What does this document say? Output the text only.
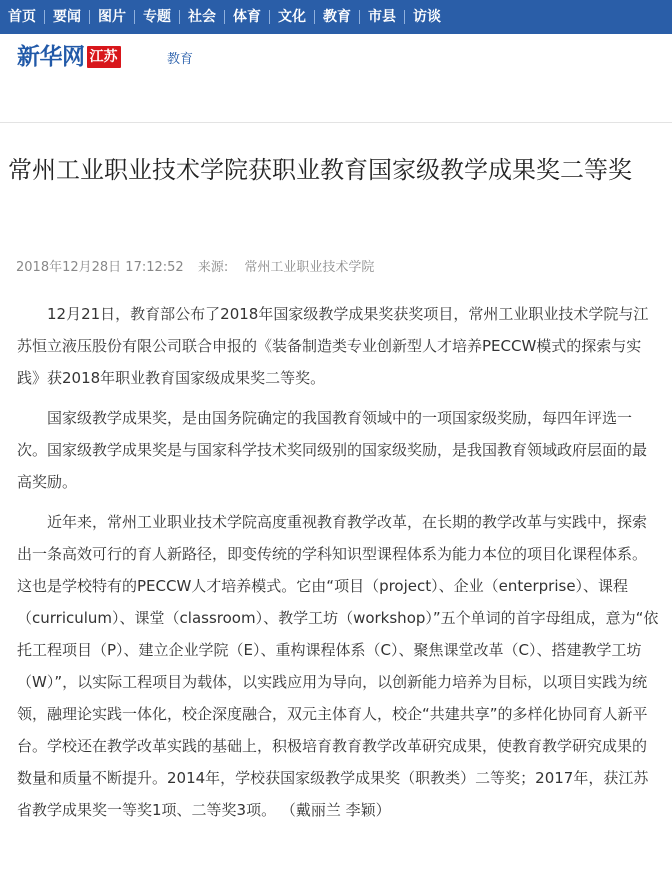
首页	要闻	图片	专题	社会	体育	文化	教育	市县	访谈
新华网 江苏	教育
常州工业职业技术学院获职业教育国家级教学成果奖二等奖
2018年12月28日 17:12:52 来源: 常州工业职业技术学院

12月21日，教育部公布了2018年国家级教学成果奖获奖项目，常州工业职业技术学院与江苏恒立液压股份有限公司联合申报的《装备制造类专业创新型人才培养PECCW模式的探索与实践》获2018年职业教育国家级成果奖二等奖。

国家级教学成果奖，是由国务院确定的我国教育领域中的一项国家级奖励，每四年评选一次。国家级教学成果奖是与国家科学技术奖同级别的国家级奖励，是我国教育领域政府层面的最高奖励。

近年来，常州工业职业技术学院高度重视教育教学改革，在长期的教学改革与实践中，探索出一条高效可行的育人新路径，即变传统的学科知识型课程体系为能力本位的项目化课程体系。这也是学校特有的PECCW人才培养模式。它由“项目（project）、企业（enterprise）、课程（curriculum）、课堂（classroom）、教学工坊（workshop）”五个单词的首字母组成，意为“依托工程项目（P）、建立企业学院（E）、重构课程体系（C）、聚焦课堂改革（C）、搭建教学工坊（W）”，以实际工程项目为载体，以实践应用为导向，以创新能力培养为目标，以项目实践为统领，融理论实践一体化，校企深度融合，双元主体育人，校企“共建共享”的多样化协同育人新平台。学校还在教学改革实践的基础上，积极培育教育教学改革研究成果，使教育教学研究成果的数量和质量不断提升。2014年，学校获国家级教学成果奖（职教类）二等奖；2017年，获江苏省教学成果奖一等奖1项、二等奖3项。 （戴丽兰 李颖）
